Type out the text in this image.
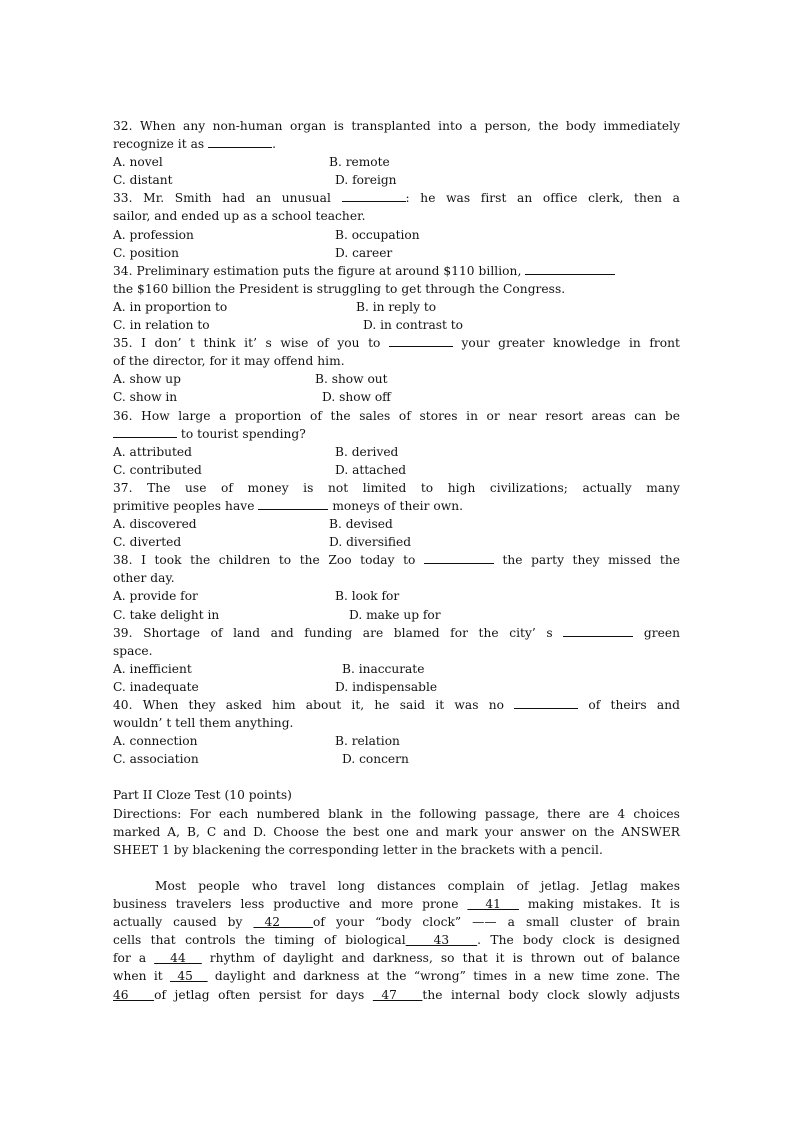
32. When any non-human organ is transplanted into a person, the body immediately
recognize it as	.
A. novel	B. remote
C. distant	D. foreign
33. Mr. Smith had an unusual	: he was first an office clerk, then a
sailor, and ended up as a school teacher.
A. profession	B. occupation
C. position	D. career
34. Preliminary estimation puts the figure at around $110 billion,
the $160 billion the President is struggling to get through the Congress.
A. in proportion to	B. in reply to
C. in relation to	D. in contrast to
35. I don’ t think it’ s wise of you to	your greater knowledge in front
of the director, for it may offend him.
A. show up	B. show out
C. show in	D. show off
36. How large a proportion of the sales of stores in or near resort areas can be
to tourist spending?
A. attributed	B. derived
C. contributed	D. attached
37. The use of money is not limited to high civilizations; actually many
primitive peoples have	moneys of their own.
A. discovered	B. devised
C. diverted	D. diversified
38. I took the children to the Zoo today to	the party they missed the
other day.
A. provide for	B. look for
C. take delight in	D. make up for
39. Shortage of land and funding are blamed for the city’ s	green
space.
A. inefficient	B. inaccurate
C. inadequate	D. indispensable
40. When they asked him about it, he said it was no	of theirs and
wouldn’ t tell them anything.
A. connection	B. relation
C. association	D. concern
Part II Cloze Test (10 points)
Directions: For each numbered blank in the following passage, there are 4 choices
marked A, B, C and D. Choose the best one and mark your answer on the ANSWER
SHEET 1 by blackening the corresponding letter in the brackets with a pencil.
Most people who travel long distances complain of jetlag. Jetlag makes
business travelers less productive and more prone   41   making mistakes. It is
actually caused by  42   of your “body clock” —— a small cluster of brain
cells that controls the timing of biological   43   . The body clock is designed
for a   44   rhythm of daylight and darkness, so that it is thrown out of balance
when it  45   daylight and darkness at the “wrong” times in a new time zone. The
46   of jetlag often persist for days  47   the internal body clock slowly adjusts
